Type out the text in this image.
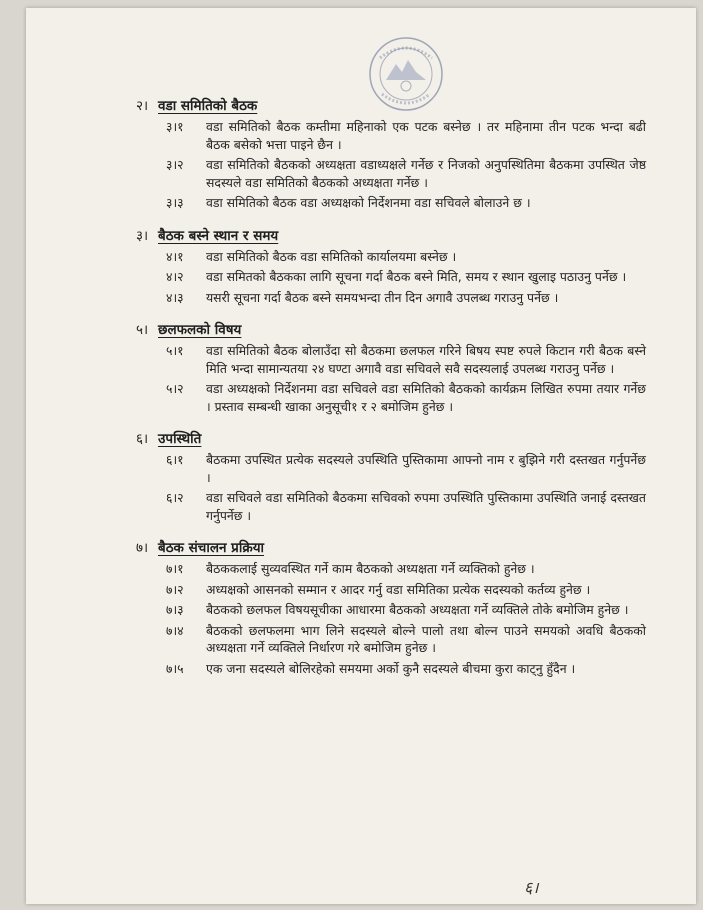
२। वडा समितिको बैठक
३।१	वडा समितिको बैठक कम्तीमा महिनाको एक पटक बस्नेछ । तर महिनामा तीन पटक भन्दा बढी बैठक बसेको भत्ता पाइने छैन ।
३।२	वडा समितिको बैठकको अध्यक्षता वडाध्यक्षले गर्नेछ र निजको अनुपस्थितिमा बैठकमा उपस्थित जेष्ठ सदस्यले वडा समितिको बैठकको अध्यक्षता गर्नेछ ।
३।३	वडा समितिको बैठक वडा अध्यक्षको निर्देशनमा वडा सचिवले बोलाउने छ ।
३। बैठक बस्ने स्थान र समय
४।१	वडा समितिको बैठक वडा समितिको कार्यालयमा बस्नेछ ।
४।२	वडा समितको बैठकका लागि सूचना गर्दा बैठक बस्ने मिति, समय र स्थान खुलाइ पठाउनु पर्नेछ ।
४।३	यसरी सूचना गर्दा बैठक बस्ने समयभन्दा तीन दिन अगावै उपलब्ध गराउनु पर्नेछ ।
५। छलफलको विषय
५।१	वडा समितिको बैठक बोलाउँदा सो बैठकमा छलफल गरिने बिषय स्पष्ट रुपले किटान गरी बैठक बस्ने मिति भन्दा सामान्यतया २४ घण्टा अगावै वडा सचिवले सवै सदस्यलाई उपलब्ध गराउनु पर्नेछ ।
५।२	वडा अध्यक्षको निर्देशनमा वडा सचिवले वडा समितिको बैठकको कार्यक्रम लिखित रुपमा तयार गर्नेछ । प्रस्ताव सम्बन्धी खाका अनुसूची१ र २ बमोजिम हुनेछ ।
६। उपस्थिति
६।१	बैठकमा उपस्थित प्रत्येक सदस्यले उपस्थिति पुस्तिकामा आफ्नो नाम र बुझिने गरी दस्तखत गर्नुपर्नेछ ।
६।२	वडा सचिवले वडा समितिको बैठकमा सचिवको रुपमा उपस्थिति पुस्तिकामा उपस्थिति जनाई दस्तखत गर्नुपर्नेछ ।
७। बैठक संचालन प्रक्रिया
७।१	बैठककलाई सुव्यवस्थित गर्ने काम बैठकको अध्यक्षता गर्ने व्यक्तिको हुनेछ ।
७।२	अध्यक्षको आसनको सम्मान र आदर गर्नु वडा समितिका प्रत्येक सदस्यको कर्तव्य हुनेछ ।
७।३	बैठकको छलफल विषयसूचीका आधारमा बैठकको अध्यक्षता गर्ने व्यक्तिले तोके बमोजिम हुनेछ ।
७।४	बैठकको छलफलमा भाग लिने सदस्यले बोल्ने पालो तथा बोल्न पाउने समयको अवधि बैठकको अध्यक्षता गर्ने व्यक्तिले निर्धारण गरे बमोजिम हुनेछ ।
७।५	एक जना सदस्यले बोलिरहेको समयमा अर्को कुनै सदस्यले बीचमा कुरा काट्नु हुँदैन ।
६।
